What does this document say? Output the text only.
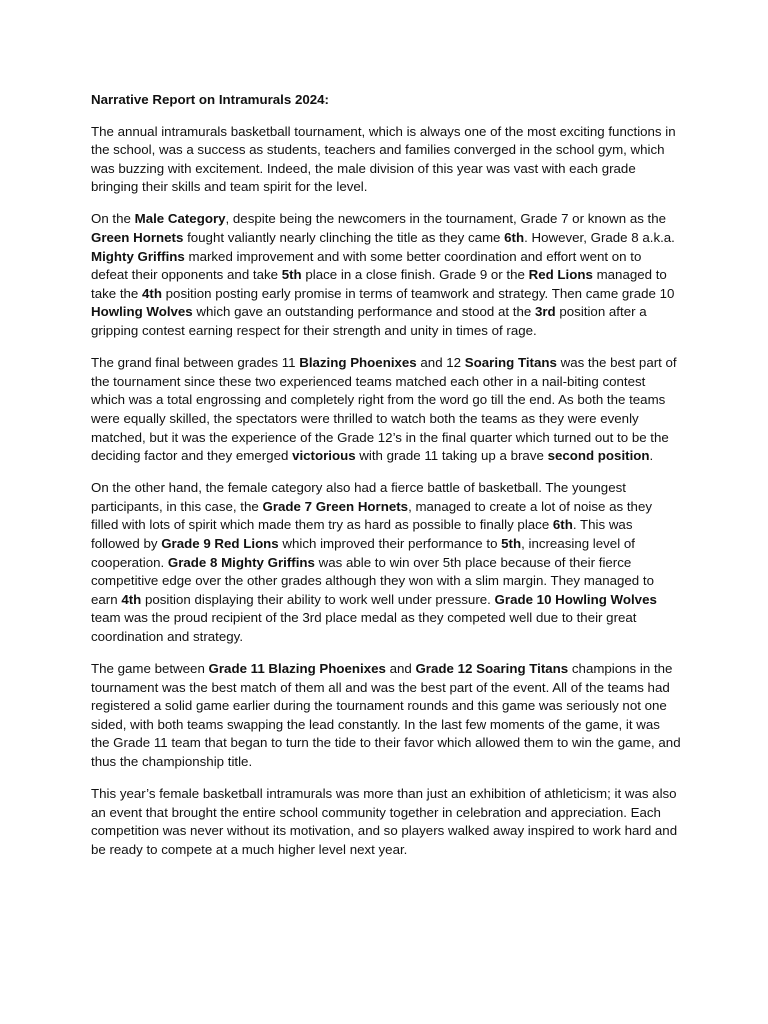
Narrative Report on Intramurals 2024:

The annual intramurals basketball tournament, which is always one of the most exciting functions in the school, was a success as students, teachers and families converged in the school gym, which was buzzing with excitement. Indeed, the male division of this year was vast with each grade bringing their skills and team spirit for the level.

On the Male Category, despite being the newcomers in the tournament, Grade 7 or known as the Green Hornets fought valiantly nearly clinching the title as they came 6th. However, Grade 8 a.k.a. Mighty Griffins marked improvement and with some better coordination and effort went on to defeat their opponents and take 5th place in a close finish. Grade 9 or the Red Lions managed to take the 4th position posting early promise in terms of teamwork and strategy. Then came grade 10 Howling Wolves which gave an outstanding performance and stood at the 3rd position after a gripping contest earning respect for their strength and unity in times of rage.

The grand final between grades 11 Blazing Phoenixes and 12 Soaring Titans was the best part of the tournament since these two experienced teams matched each other in a nail-biting contest which was a total engrossing and completely right from the word go till the end. As both the teams were equally skilled, the spectators were thrilled to watch both the teams as they were evenly matched, but it was the experience of the Grade 12’s in the final quarter which turned out to be the deciding factor and they emerged victorious with grade 11 taking up a brave second position.

On the other hand, the female category also had a fierce battle of basketball. The youngest participants, in this case, the Grade 7 Green Hornets, managed to create a lot of noise as they filled with lots of spirit which made them try as hard as possible to finally place 6th. This was followed by Grade 9 Red Lions which improved their performance to 5th, increasing level of cooperation. Grade 8 Mighty Griffins was able to win over 5th place because of their fierce competitive edge over the other grades although they won with a slim margin. They managed to earn 4th position displaying their ability to work well under pressure. Grade 10 Howling Wolves team was the proud recipient of the 3rd place medal as they competed well due to their great coordination and strategy.

The game between Grade 11 Blazing Phoenixes and Grade 12 Soaring Titans champions in the tournament was the best match of them all and was the best part of the event. All of the teams had registered a solid game earlier during the tournament rounds and this game was seriously not one sided, with both teams swapping the lead constantly. In the last few moments of the game, it was the Grade 11 team that began to turn the tide to their favor which allowed them to win the game, and thus the championship title.

This year’s female basketball intramurals was more than just an exhibition of athleticism; it was also an event that brought the entire school community together in celebration and appreciation. Each competition was never without its motivation, and so players walked away inspired to work hard and be ready to compete at a much higher level next year.
